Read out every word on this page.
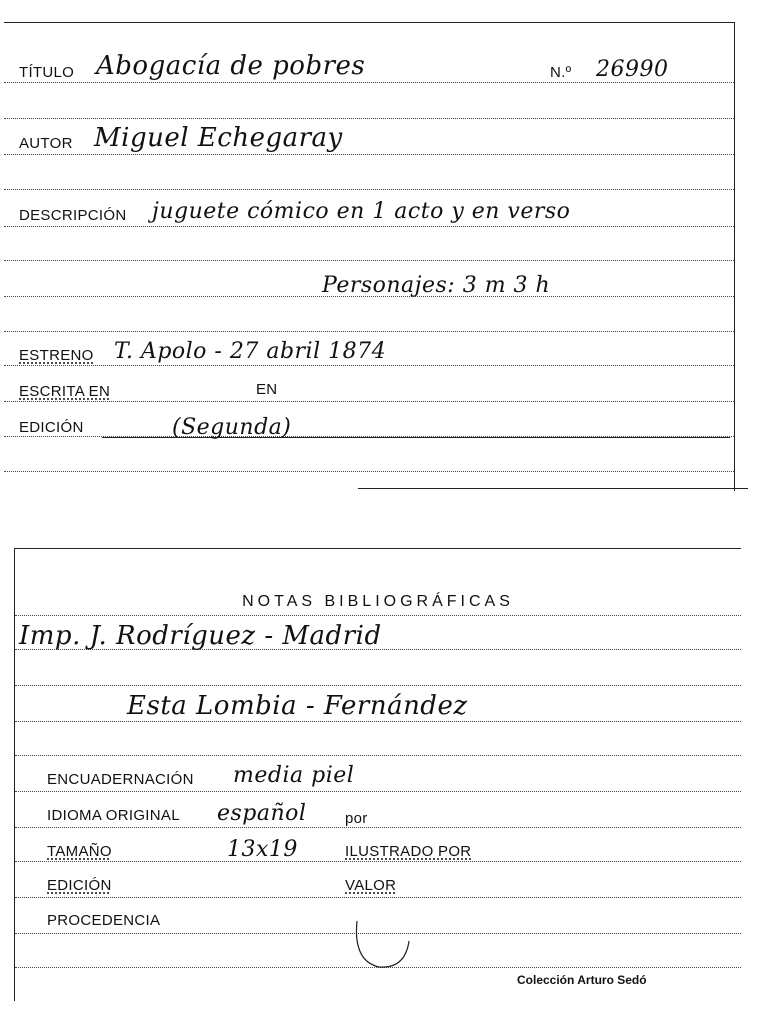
TÍTULO Abogacía de pobres	N.º 26990
AUTOR Miguel Echegaray
DESCRIPCIÓN juguete cómico en 1 acto y en verso
Personajes: 3 m 3 h
ESTRENO T. Apolo - 27 abril 1874
ESCRITA EN	EN
EDICIÓN	(Segunda)
NOTAS BIBLIOGRÁFICAS
Imp. J. Rodríguez - Madrid
Esta Lombia - Fernández
ENCUADERNACIÓN media piel
IDIOMA ORIGINAL español	por
TAMAÑO	13x19	ILUSTRADO POR
EDICIÓN	VALOR
PROCEDENCIA
Colección Arturo Sedó
